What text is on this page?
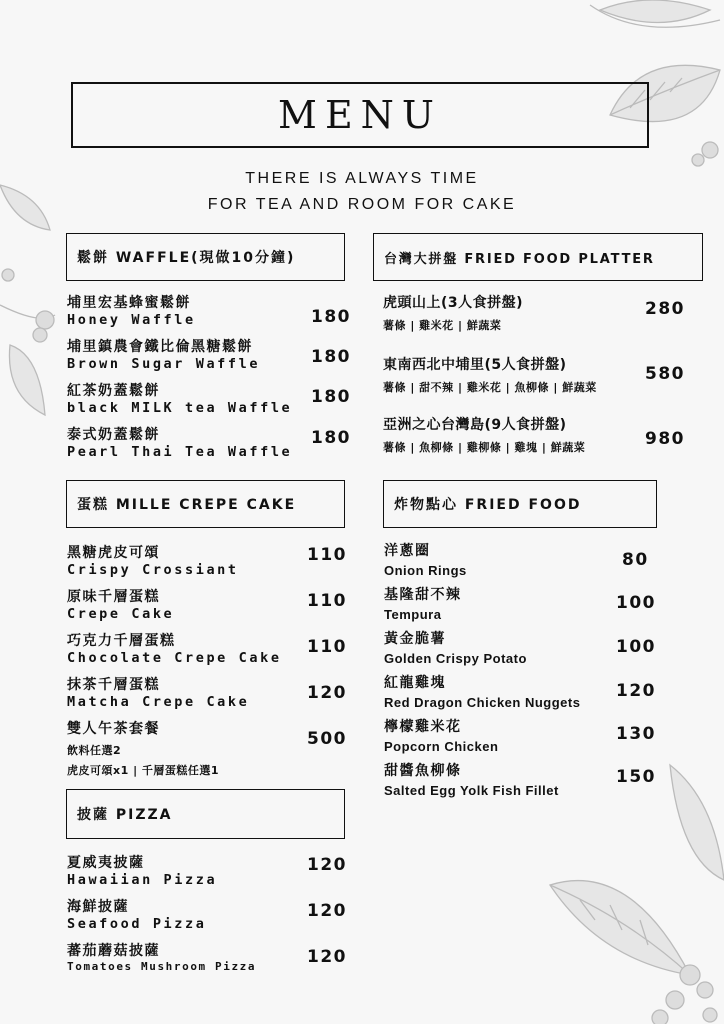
MENU
THERE IS ALWAYS TIME
FOR TEA AND ROOM FOR CAKE
鬆餅 WAFFLE(現做10分鐘)
埔里宏基蜂蜜鬆餅
Honey Waffle	180
埔里鎮農會鐵比倫黑糖鬆餅
Brown Sugar Waffle	180
紅茶奶蓋鬆餅
black MILK tea Waffle
180
泰式奶蓋鬆餅
Pearl Thai Tea Waffle
180
蛋糕 MILLE CREPE CAKE
黑糖虎皮可頌
Crispy Crossiant
110
原味千層蛋糕
Crepe Cake
110
巧克力千層蛋糕
Chocolate Crepe Cake
110
抹茶千層蛋糕
Matcha Crepe Cake	120
雙人午茶套餐
飲料任選2
虎皮可頌x1 | 千層蛋糕任選1
500
披薩 PIZZA
夏威夷披薩
Hawaiian Pizza
120
海鮮披薩
Seafood Pizza
120
蕃茄蘑菇披薩
Tomatoes Mushroom Pizza	120
台灣大拼盤 FRIED FOOD PLATTER
虎頭山上(3人食拼盤)
薯條 | 雞米花 | 鮮蔬菜
280
東南西北中埔里(5人食拼盤)
薯條 | 甜不辣 | 雞米花 | 魚柳條 | 鮮蔬菜
580
亞洲之心台灣島(9人食拼盤)
薯條 | 魚柳條 | 雞柳條 | 雞塊 | 鮮蔬菜	980
炸物點心 FRIED FOOD
洋蔥圈
Onion Rings
80
基隆甜不辣
Tempura
100
黃金脆薯
Golden Crispy Potato
100
紅龍雞塊
Red Dragon Chicken Nuggets
120
檸檬雞米花
Popcorn Chicken
130
甜醬魚柳條
Salted Egg Yolk Fish Fillet
150
